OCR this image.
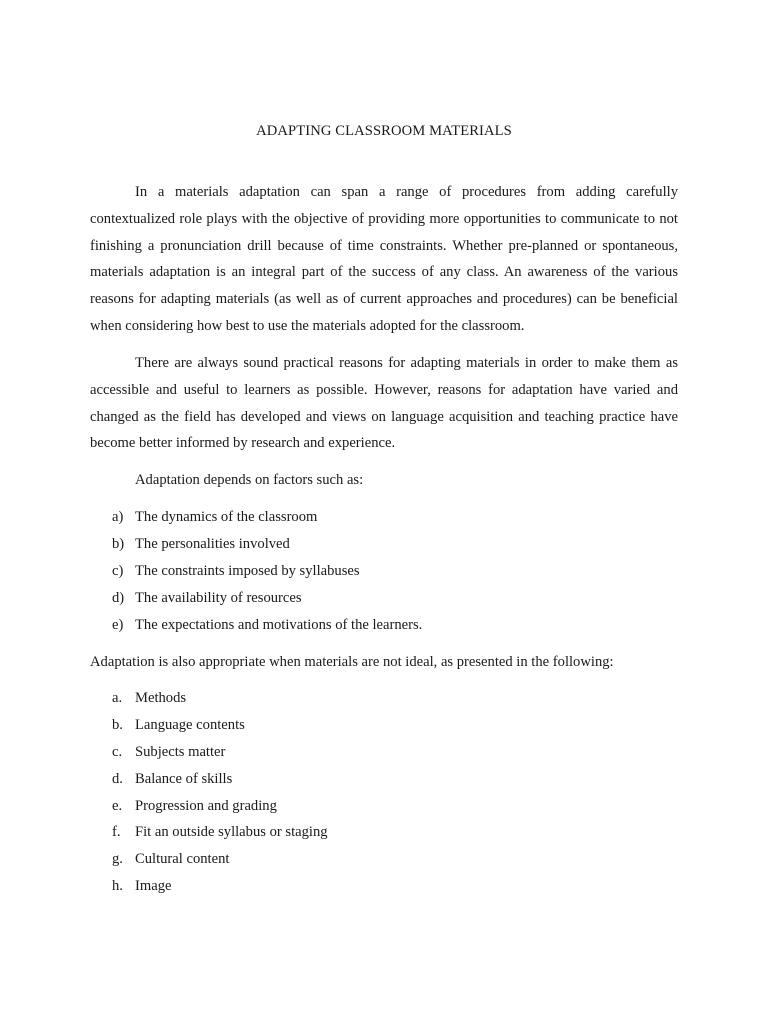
ADAPTING CLASSROOM MATERIALS

In a materials adaptation can span a range of procedures from adding carefully contextualized role plays with the objective of providing more opportunities to communicate to not finishing a pronunciation drill because of time constraints. Whether pre-planned or spontaneous, materials adaptation is an integral part of the success of any class. An awareness of the various reasons for adapting materials (as well as of current approaches and procedures) can be beneficial when considering how best to use the materials adopted for the classroom.

There are always sound practical reasons for adapting materials in order to make them as accessible and useful to learners as possible. However, reasons for adaptation have varied and changed as the field has developed and views on language acquisition and teaching practice have become better informed by research and experience.

Adaptation depends on factors such as:
a) The dynamics of the classroom
b) The personalities involved
c) The constraints imposed by syllabuses
d) The availability of resources
e) The expectations and motivations of the learners.
Adaptation is also appropriate when materials are not ideal, as presented in the following:
a. Methods
b. Language contents
c. Subjects matter
d. Balance of skills
e. Progression and grading
f. Fit an outside syllabus or staging
g. Cultural content
h. Image
